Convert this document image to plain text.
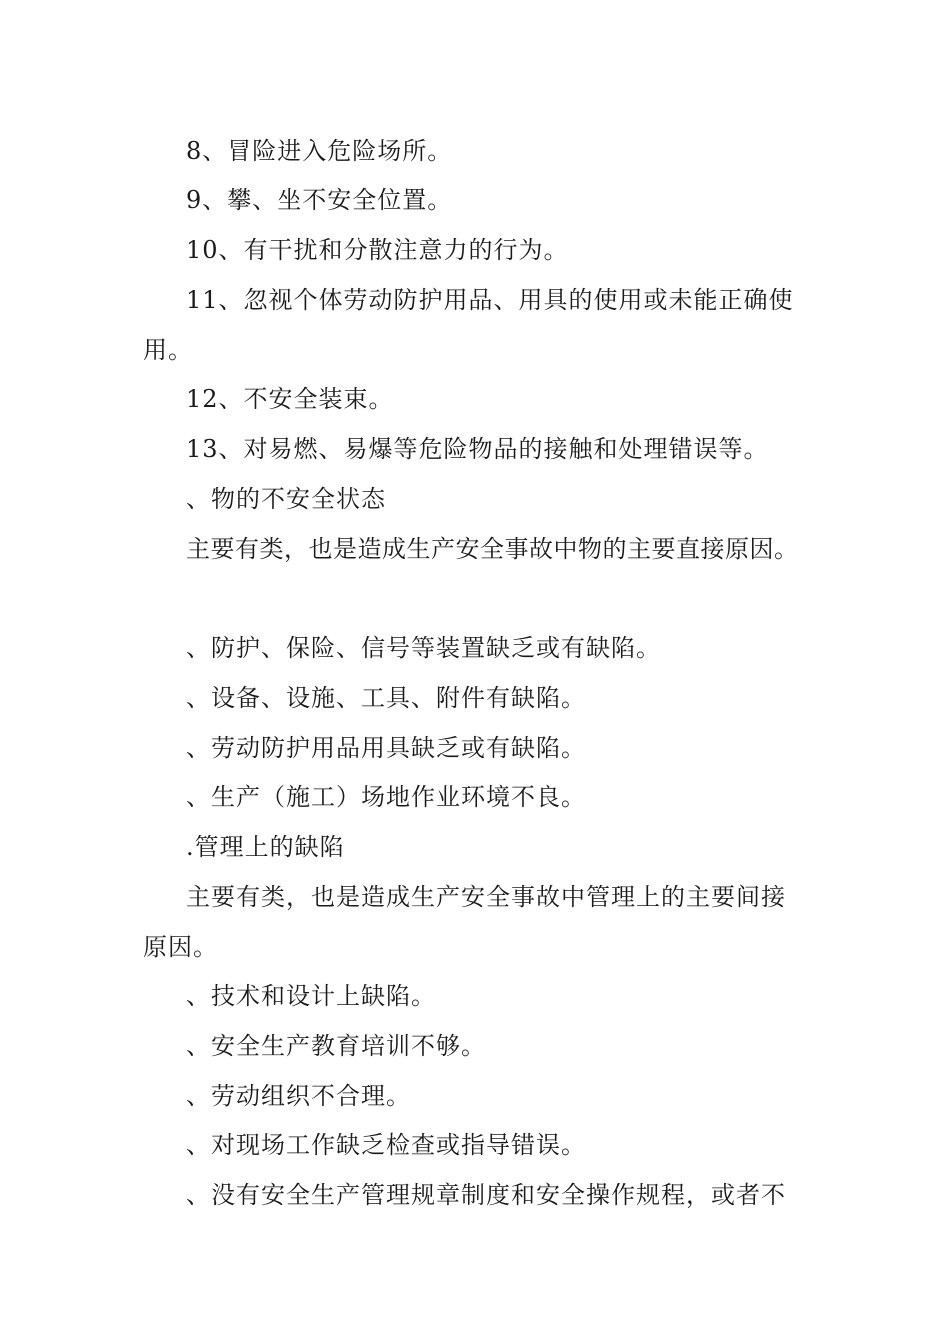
8、冒险进入危险场所。
9、攀、坐不安全位置。
10、有干扰和分散注意力的行为。
11、忽视个体劳动防护用品、用具的使用或未能正确使
用。
12、不安全装束。
13、对易燃、易爆等危险物品的接触和处理错误等。
、物的不安全状态
主要有类，也是造成生产安全事故中物的主要直接原因。
、防护、保险、信号等装置缺乏或有缺陷。
、设备、设施、工具、附件有缺陷。
、劳动防护用品用具缺乏或有缺陷。
、生产（施工）场地作业环境不良。
.管理上的缺陷
主要有类，也是造成生产安全事故中管理上的主要间接
原因。
、技术和设计上缺陷。
、安全生产教育培训不够。
、劳动组织不合理。
、对现场工作缺乏检查或指导错误。
、没有安全生产管理规章制度和安全操作规程，或者不
